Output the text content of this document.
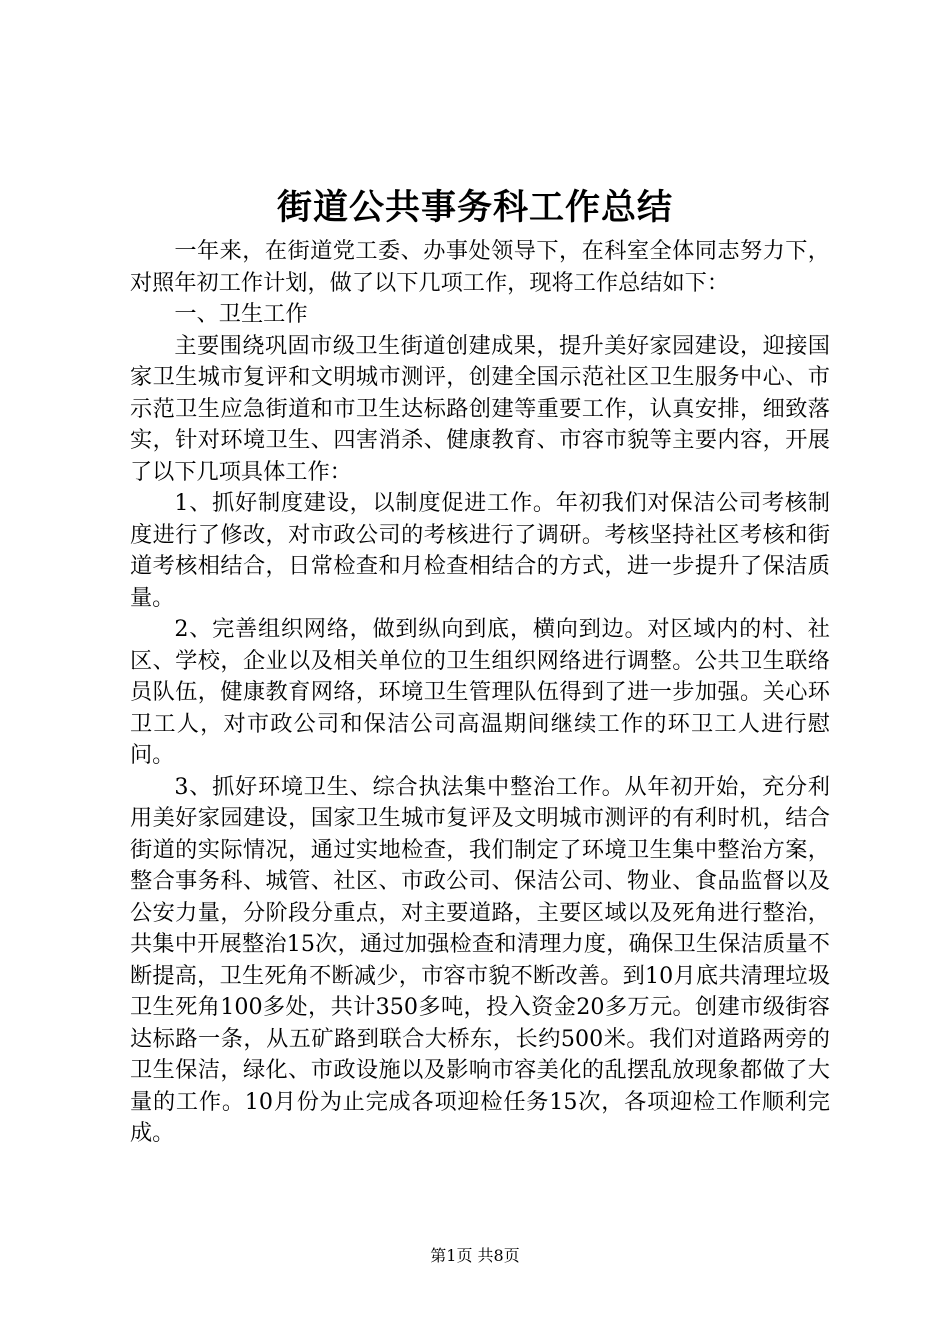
街道公共事务科工作总结

一年来，在街道党工委、办事处领导下，在科室全体同志努力下，对照年初工作计划，做了以下几项工作，现将工作总结如下：

一、卫生工作

主要围绕巩固市级卫生街道创建成果，提升美好家园建设，迎接国家卫生城市复评和文明城市测评，创建全国示范社区卫生服务中心、市示范卫生应急街道和市卫生达标路创建等重要工作，认真安排，细致落实，针对环境卫生、四害消杀、健康教育、市容市貌等主要内容，开展了以下几项具体工作：

1、抓好制度建设，以制度促进工作。年初我们对保洁公司考核制度进行了修改，对市政公司的考核进行了调研。考核坚持社区考核和街道考核相结合，日常检查和月检查相结合的方式，进一步提升了保洁质量。

2、完善组织网络，做到纵向到底，横向到边。对区域内的村、社区、学校，企业以及相关单位的卫生组织网络进行调整。公共卫生联络员队伍，健康教育网络，环境卫生管理队伍得到了进一步加强。关心环卫工人，对市政公司和保洁公司高温期间继续工作的环卫工人进行慰问。

3、抓好环境卫生、综合执法集中整治工作。从年初开始，充分利用美好家园建设，国家卫生城市复评及文明城市测评的有利时机，结合街道的实际情况，通过实地检查，我们制定了环境卫生集中整治方案，整合事务科、城管、社区、市政公司、保洁公司、物业、食品监督以及公安力量，分阶段分重点，对主要道路，主要区域以及死角进行整治，共集中开展整治15次，通过加强检查和清理力度，确保卫生保洁质量不断提高，卫生死角不断减少，市容市貌不断改善。到10月底共清理垃圾卫生死角100多处，共计350多吨，投入资金20多万元。创建市级街容达标路一条，从五矿路到联合大桥东，长约500米。我们对道路两旁的卫生保洁，绿化、市政设施以及影响市容美化的乱摆乱放现象都做了大量的工作。10月份为止完成各项迎检任务15次，各项迎检工作顺利完成。

第1页 共8页
